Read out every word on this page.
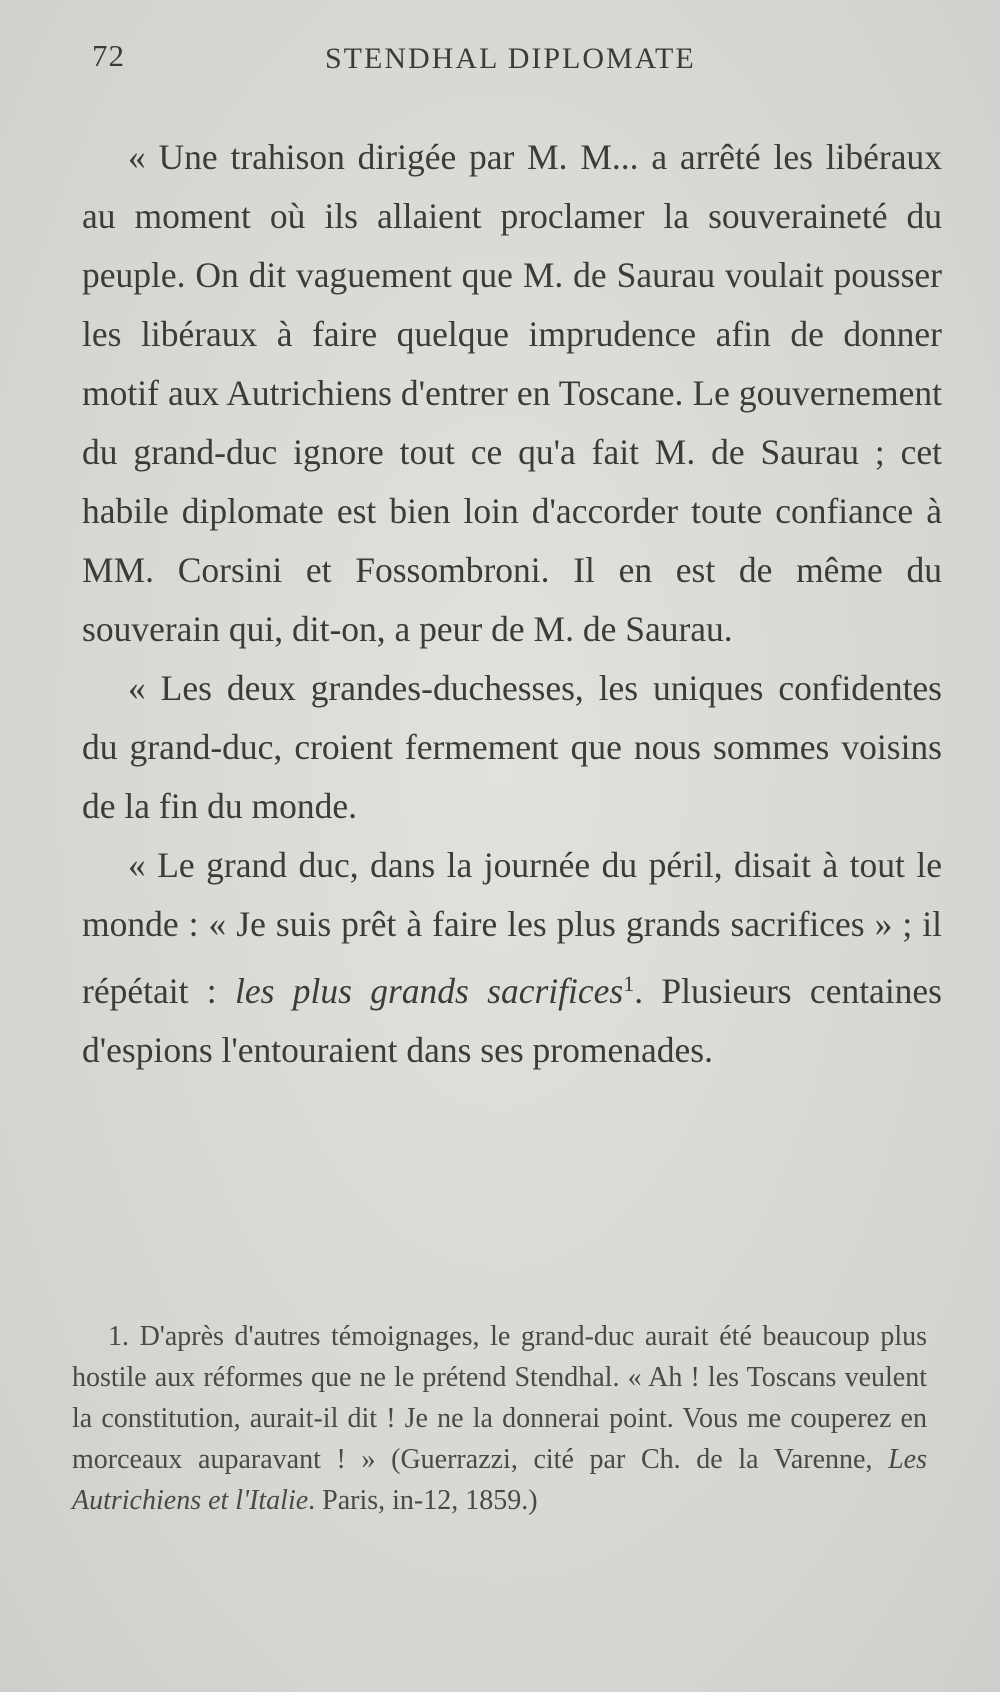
72	STENDHAL DIPLOMATE

« Une trahison dirigée par M. M... a arrêté les libéraux au moment où ils allaient proclamer la souveraineté du peuple. On dit vaguement que M. de Saurau voulait pousser les libéraux à faire quelque imprudence afin de donner motif aux Autrichiens d'entrer en Toscane. Le gouvernement du grand-duc ignore tout ce qu'a fait M. de Saurau ; cet habile diplomate est bien loin d'accorder toute confiance à MM. Corsini et Fossombroni. Il en est de même du souverain qui, dit-on, a peur de M. de Saurau.

« Les deux grandes-duchesses, les uniques confidentes du grand-duc, croient fermement que nous sommes voisins de la fin du monde.

« Le grand duc, dans la journée du péril, disait à tout le monde : « Je suis prêt à faire les plus grands sacrifices » ; il répétait : les plus grands sacrifices$^1$. Plusieurs centaines d'espions l'entouraient dans ses promenades.

1. D'après d'autres témoignages, le grand-duc aurait été beaucoup plus hostile aux réformes que ne le prétend Stendhal. « Ah ! les Toscans veulent la constitution, aurait-il dit ! Je ne la donnerai point. Vous me couperez en morceaux auparavant ! » (Guerrazzi, cité par Ch. de la Varenne, Les Autrichiens et l'Italie. Paris, in-12, 1859.)
